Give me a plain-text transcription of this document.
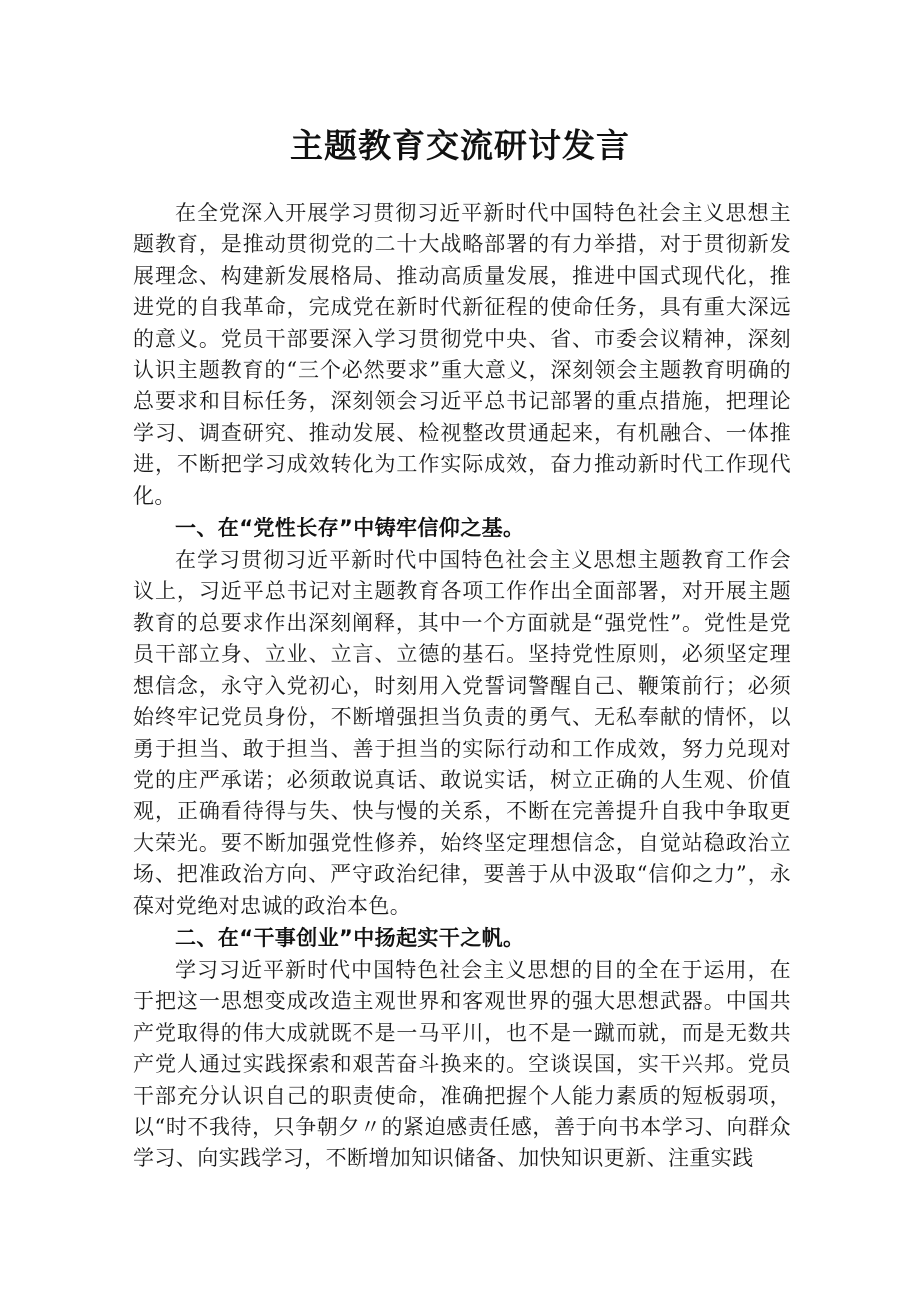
主题教育交流研讨发言

在全党深入开展学习贯彻习近平新时代中国特色社会主义思想主题教育，是推动贯彻党的二十大战略部署的有力举措，对于贯彻新发展理念、构建新发展格局、推动高质量发展，推进中国式现代化，推进党的自我革命，完成党在新时代新征程的使命任务，具有重大深远的意义。党员干部要深入学习贯彻党中央、省、市委会议精神，深刻认识主题教育的“三个必然要求”重大意义，深刻领会主题教育明确的总要求和目标任务，深刻领会习近平总书记部署的重点措施，把理论学习、调查研究、推动发展、检视整改贯通起来，有机融合、一体推进，不断把学习成效转化为工作实际成效，奋力推动新时代工作现代化。

一、在“党性长存”中铸牢信仰之基。

在学习贯彻习近平新时代中国特色社会主义思想主题教育工作会议上，习近平总书记对主题教育各项工作作出全面部署，对开展主题教育的总要求作出深刻阐释，其中一个方面就是“强党性”。党性是党员干部立身、立业、立言、立德的基石。坚持党性原则，必须坚定理想信念，永守入党初心，时刻用入党誓词警醒自己、鞭策前行；必须始终牢记党员身份，不断增强担当负责的勇气、无私奉献的情怀，以勇于担当、敢于担当、善于担当的实际行动和工作成效，努力兑现对党的庄严承诺；必须敢说真话、敢说实话，树立正确的人生观、价值观，正确看待得与失、快与慢的关系，不断在完善提升自我中争取更大荣光。要不断加强党性修养，始终坚定理想信念，自觉站稳政治立场、把准政治方向、严守政治纪律，要善于从中汲取“信仰之力”，永葆对党绝对忠诚的政治本色。

二、在“干事创业”中扬起实干之帆。

学习习近平新时代中国特色社会主义思想的目的全在于运用，在于把这一思想变成改造主观世界和客观世界的强大思想武器。中国共产党取得的伟大成就既不是一马平川，也不是一蹴而就，而是无数共产党人通过实践探索和艰苦奋斗换来的。空谈误国，实干兴邦。党员干部充分认识自己的职责使命，准确把握个人能力素质的短板弱项，以“时不我待，只争朝夕〃的紧迫感责任感，善于向书本学习、向群众学习、向实践学习，不断增加知识储备、加快知识更新、注重实践
